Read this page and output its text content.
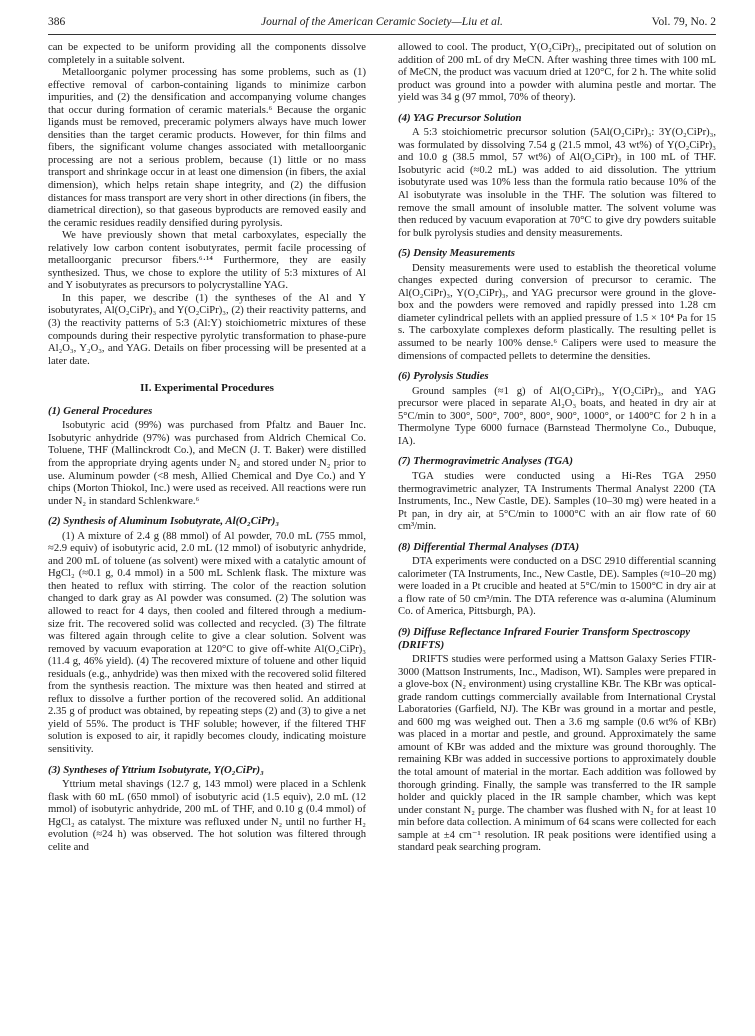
386	Journal of the American Ceramic Society—Liu et al.	Vol. 79, No. 2

can be expected to be uniform providing all the components dissolve completely in a suitable solvent.

Metalloorganic polymer processing has some problems, such as (1) effective removal of carbon-containing ligands to minimize carbon impurities, and (2) the densification and accompanying volume changes that occur during formation of ceramic materials.⁶ Because the organic ligands must be removed, preceramic polymers always have much lower densities than the target ceramic products. However, for thin films and fibers, the significant volume changes associated with metalloorganic processing are not a serious problem, because (1) little or no mass transport and shrinkage occur in at least one dimension (in fibers, the axial dimension), which helps retain shape integrity, and (2) the diffusion distances for mass transport are very short in other directions (in fibers, the diametrical direction), so that gaseous byproducts are removed easily and the ceramic residues readily densified during pyrolysis.

We have previously shown that metal carboxylates, especially the relatively low carbon content isobutyrates, permit facile processing of metalloorganic precursor fibers.⁶·¹⁴ Furthermore, they are easily synthesized. Thus, we chose to explore the utility of 5:3 mixtures of Al and Y isobutyrates as precursors to polycrystalline YAG.

In this paper, we describe (1) the syntheses of the Al and Y isobutyrates, Al(O₂CiPr)₃ and Y(O₂CiPr)₃, (2) their reactivity patterns, and (3) the reactivity patterns of 5:3 (Al:Y) stoichiometric mixtures of these compounds during their respective pyrolytic transformation to phase-pure Al₂O₃, Y₂O₃, and YAG. Details on fiber processing will be presented at a later date.

II. Experimental Procedures
(1) General Procedures

Isobutyric acid (99%) was purchased from Pfaltz and Bauer Inc. Isobutyric anhydride (97%) was purchased from Aldrich Chemical Co. Toluene, THF (Mallinckrodt Co.), and MeCN (J. T. Baker) were distilled from the appropriate drying agents under N₂ and stored under N₂ prior to use. Aluminum powder (<8 mesh, Allied Chemical and Dye Co.) and Y chips (Morton Thiokol, Inc.) were used as received. All reactions were run under N₂ in standard Schlenkware.⁶

(2) Synthesis of Aluminum Isobutyrate, Al(O₂CiPr)₃

(1) A mixture of 2.4 g (88 mmol) of Al powder, 70.0 mL (755 mmol, ≈2.9 equiv) of isobutyric acid, 2.0 mL (12 mmol) of isobutyric anhydride, and 200 mL of toluene (as solvent) were mixed with a catalytic amount of HgCl₂ (≈0.1 g, 0.4 mmol) in a 500 mL Schlenk flask. The mixture was then heated to reflux with stirring. The color of the reaction solution changed to dark gray as Al powder was consumed. (2) The solution was allowed to react for 4 days, then cooled and filtered through a medium-size frit. The recovered solid was collected and recycled. (3) The filtrate was filtered again through celite to give a clear solution. Solvent was removed by vacuum evaporation at 120°C to give off-white Al(O₂CiPr)₃ (11.4 g, 46% yield). (4) The recovered mixture of toluene and other liquid residuals (e.g., anhydride) was then mixed with the recovered solid filtered from the synthesis reaction. The mixture was then heated and stirred at reflux to dissolve a further portion of the recovered solid. An additional 2.35 g of product was obtained, by repeating steps (2) and (3) to give a net yield of 55%. The product is THF soluble; however, if the filtered THF solution is exposed to air, it rapidly becomes cloudy, indicating moisture sensitivity.

(3) Syntheses of Yttrium Isobutyrate, Y(O₂CiPr)₃

Yttrium metal shavings (12.7 g, 143 mmol) were placed in a Schlenk flask with 60 mL (650 mmol) of isobutyric acid (1.5 equiv), 2.0 mL (12 mmol) of isobutyric anhydride, 200 mL of THF, and 0.10 g (0.4 mmol) of HgCl₂ as catalyst. The mixture was refluxed under N₂ until no further H₂ evolution (≈24 h) was observed. The hot solution was filtered through celite and

allowed to cool. The product, Y(O₂CiPr)₃, precipitated out of solution on addition of 200 mL of dry MeCN. After washing three times with 100 mL of MeCN, the product was vacuum dried at 120°C, for 2 h. The white solid product was ground into a powder with alumina pestle and mortar. The yield was 34 g (97 mmol, 70% of theory).

(4) YAG Precursor Solution

A 5:3 stoichiometric precursor solution (5Al(O₂CiPr)₃: 3Y(O₂CiPr)₃, was formulated by dissolving 7.54 g (21.5 mmol, 43 wt%) of Y(O₂CiPr)₃ and 10.0 g (38.5 mmol, 57 wt%) of Al(O₂CiPr)₃ in 100 mL of THF. Isobutyric acid (≈0.2 mL) was added to aid dissolution. The yttrium isobutyrate used was 10% less than the formula ratio because 10% of the Al isobutyrate was insoluble in the THF. The solution was filtered to remove the small amount of insoluble matter. The solvent volume was then reduced by vacuum evaporation at 70°C to give dry powders suitable for bulk pyrolysis studies and density measurements.

(5) Density Measurements

Density measurements were used to establish the theoretical volume changes expected during conversion of precursor to ceramic. The Al(O₂CiPr)₃, Y(O₂CiPr)₃, and YAG precursor were ground in the glove-box and the powders were removed and rapidly pressed into 1.28 cm diameter cylindrical pellets with an applied pressure of 1.5 × 10⁴ Pa for 15 s. The carboxylate complexes deform plastically. The resulting pellet is assumed to be nearly 100% dense.⁶ Calipers were used to measure the dimensions of compacted pellets to determine the densities.

(6) Pyrolysis Studies

Ground samples (≈1 g) of Al(O₂CiPr)₃, Y(O₂CiPr)₃, and YAG precursor were placed in separate Al₂O₃ boats, and heated in dry air at 5°C/min to 300°, 500°, 700°, 800°, 900°, 1000°, or 1400°C for 2 h in a Thermolyne Type 6000 furnace (Barnstead Thermolyne Co., Dubuque, IA).

(7) Thermogravimetric Analyses (TGA)

TGA studies were conducted using a Hi-Res TGA 2950 thermogravimetric analyzer, TA Instruments Thermal Analyst 2200 (TA Instruments, Inc., New Castle, DE). Samples (10–30 mg) were heated in a Pt pan, in dry air, at 5°C/min to 1000°C with an air flow rate of 60 cm³/min.

(8) Differential Thermal Analyses (DTA)

DTA experiments were conducted on a DSC 2910 differential scanning calorimeter (TA Instruments, Inc., New Castle, DE). Samples (≈10–20 mg) were loaded in a Pt crucible and heated at 5°C/min to 1500°C in dry air at a flow rate of 50 cm³/min. The DTA reference was α-alumina (Aluminum Co. of America, Pittsburgh, PA).

(9) Diffuse Reflectance Infrared Fourier Transform Spectroscopy (DRIFTS)

DRIFTS studies were performed using a Mattson Galaxy Series FTIR-3000 (Mattson Instruments, Inc., Madison, WI). Samples were prepared in a glove-box (N₂ environment) using crystalline KBr. The KBr was optical-grade random cuttings commercially available from International Crystal Laboratories (Garfield, NJ). The KBr was ground in a mortar and pestle, and 600 mg was weighed out. Then a 3.6 mg sample (0.6 wt% of KBr) was placed in a mortar and pestle, and ground. Approximately the same amount of KBr was added and the mixture was ground thoroughly. The remaining KBr was added in successive portions to approximately double the total amount of material in the mortar. Each addition was followed by thorough grinding. Finally, the sample was transferred to the IR sample holder and quickly placed in the IR sample chamber, which was kept under constant N₂ purge. The chamber was flushed with N₂ for at least 10 min before data collection. A minimum of 64 scans were collected for each sample at ±4 cm⁻¹ resolution. IR peak positions were identified using a standard peak searching program.
